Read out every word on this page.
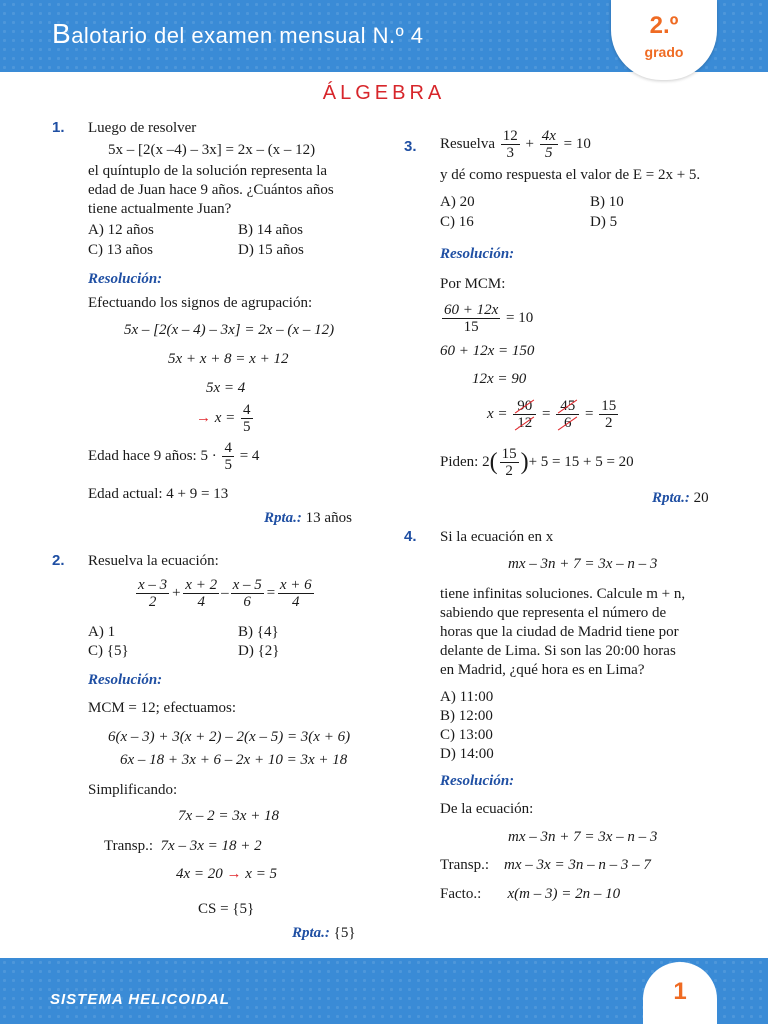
Balotario del examen mensual N.º 4	2.º
grado
ÁLGEBRA
1. Luego de resolver
5x – [2(x –4) – 3x] = 2x – (x – 12)
el quíntuplo de la solución representa la
edad de Juan hace 9 años. ¿Cuántos años
tiene actualmente Juan?
A) 12 años	B) 14 años
C) 13 años	D) 15 años
Resolución:
Efectuando los signos de agrupación:
5x – [2(x – 4) – 3x] = 2x – (x – 12)
5x + x + 8 = x + 12
5x = 4
→ $x = \frac{4}{5}$
Edad hace 9 años: $5 \cdot \frac{4}{5} = 4$
Edad actual: 4 + 9 = 13
Rpta.: 13 años
2. Resuelva la ecuación:
$\frac{x - 3}{2} + \frac{x + 2}{4} - \frac{x - 5}{6} = \frac{x + 6}{4}$
A) 1	B) {4}
C) {5}	D) {2}
Resolución:
MCM = 12; efectuamos:
6(x – 3) + 3(x + 2) – 2(x – 5) = 3(x + 6)
6x – 18 + 3x + 6 – 2x + 10 = 3x + 18
Simplificando:
7x – 2 = 3x + 18
Transp.: 7x – 3x = 18 + 2
4x = 20 → x = 5
CS = {5}
Rpta.: {5}
3. Resuelva $\frac{12}{3} + \frac{4x}{5} = 10$
y dé como respuesta el valor de E = 2x + 5.
A) 20	B) 10
C) 16	D) 5
Resolución:
Por MCM:
$\frac{60 + 12x}{15} = 10$
60 + 12x = 150
12x = 90
$x = \frac{90}{12} = \frac{45}{6} = \frac{15}{2}$
Piden: $2( \frac{15}{2}$ )+ 5 = 15 + 5 = 20
Rpta.: 20
4. Si la ecuación en x
mx – 3n + 7 = 3x – n – 3
tiene infinitas soluciones. Calcule m + n,
sabiendo que representa el número de
horas que la ciudad de Madrid tiene por
delante de Lima. Si son las 20:00 horas
en Madrid, ¿qué hora es en Lima?
A) 11:00
B) 12:00
C) 13:00
D) 14:00
Resolución:
De la ecuación:
mx – 3n + 7 = 3x – n – 3
Transp.: mx – 3x = 3n – n – 3 – 7
Facto.: x(m – 3) = 2n – 10
SISTEMA HELICOIDAL	1
